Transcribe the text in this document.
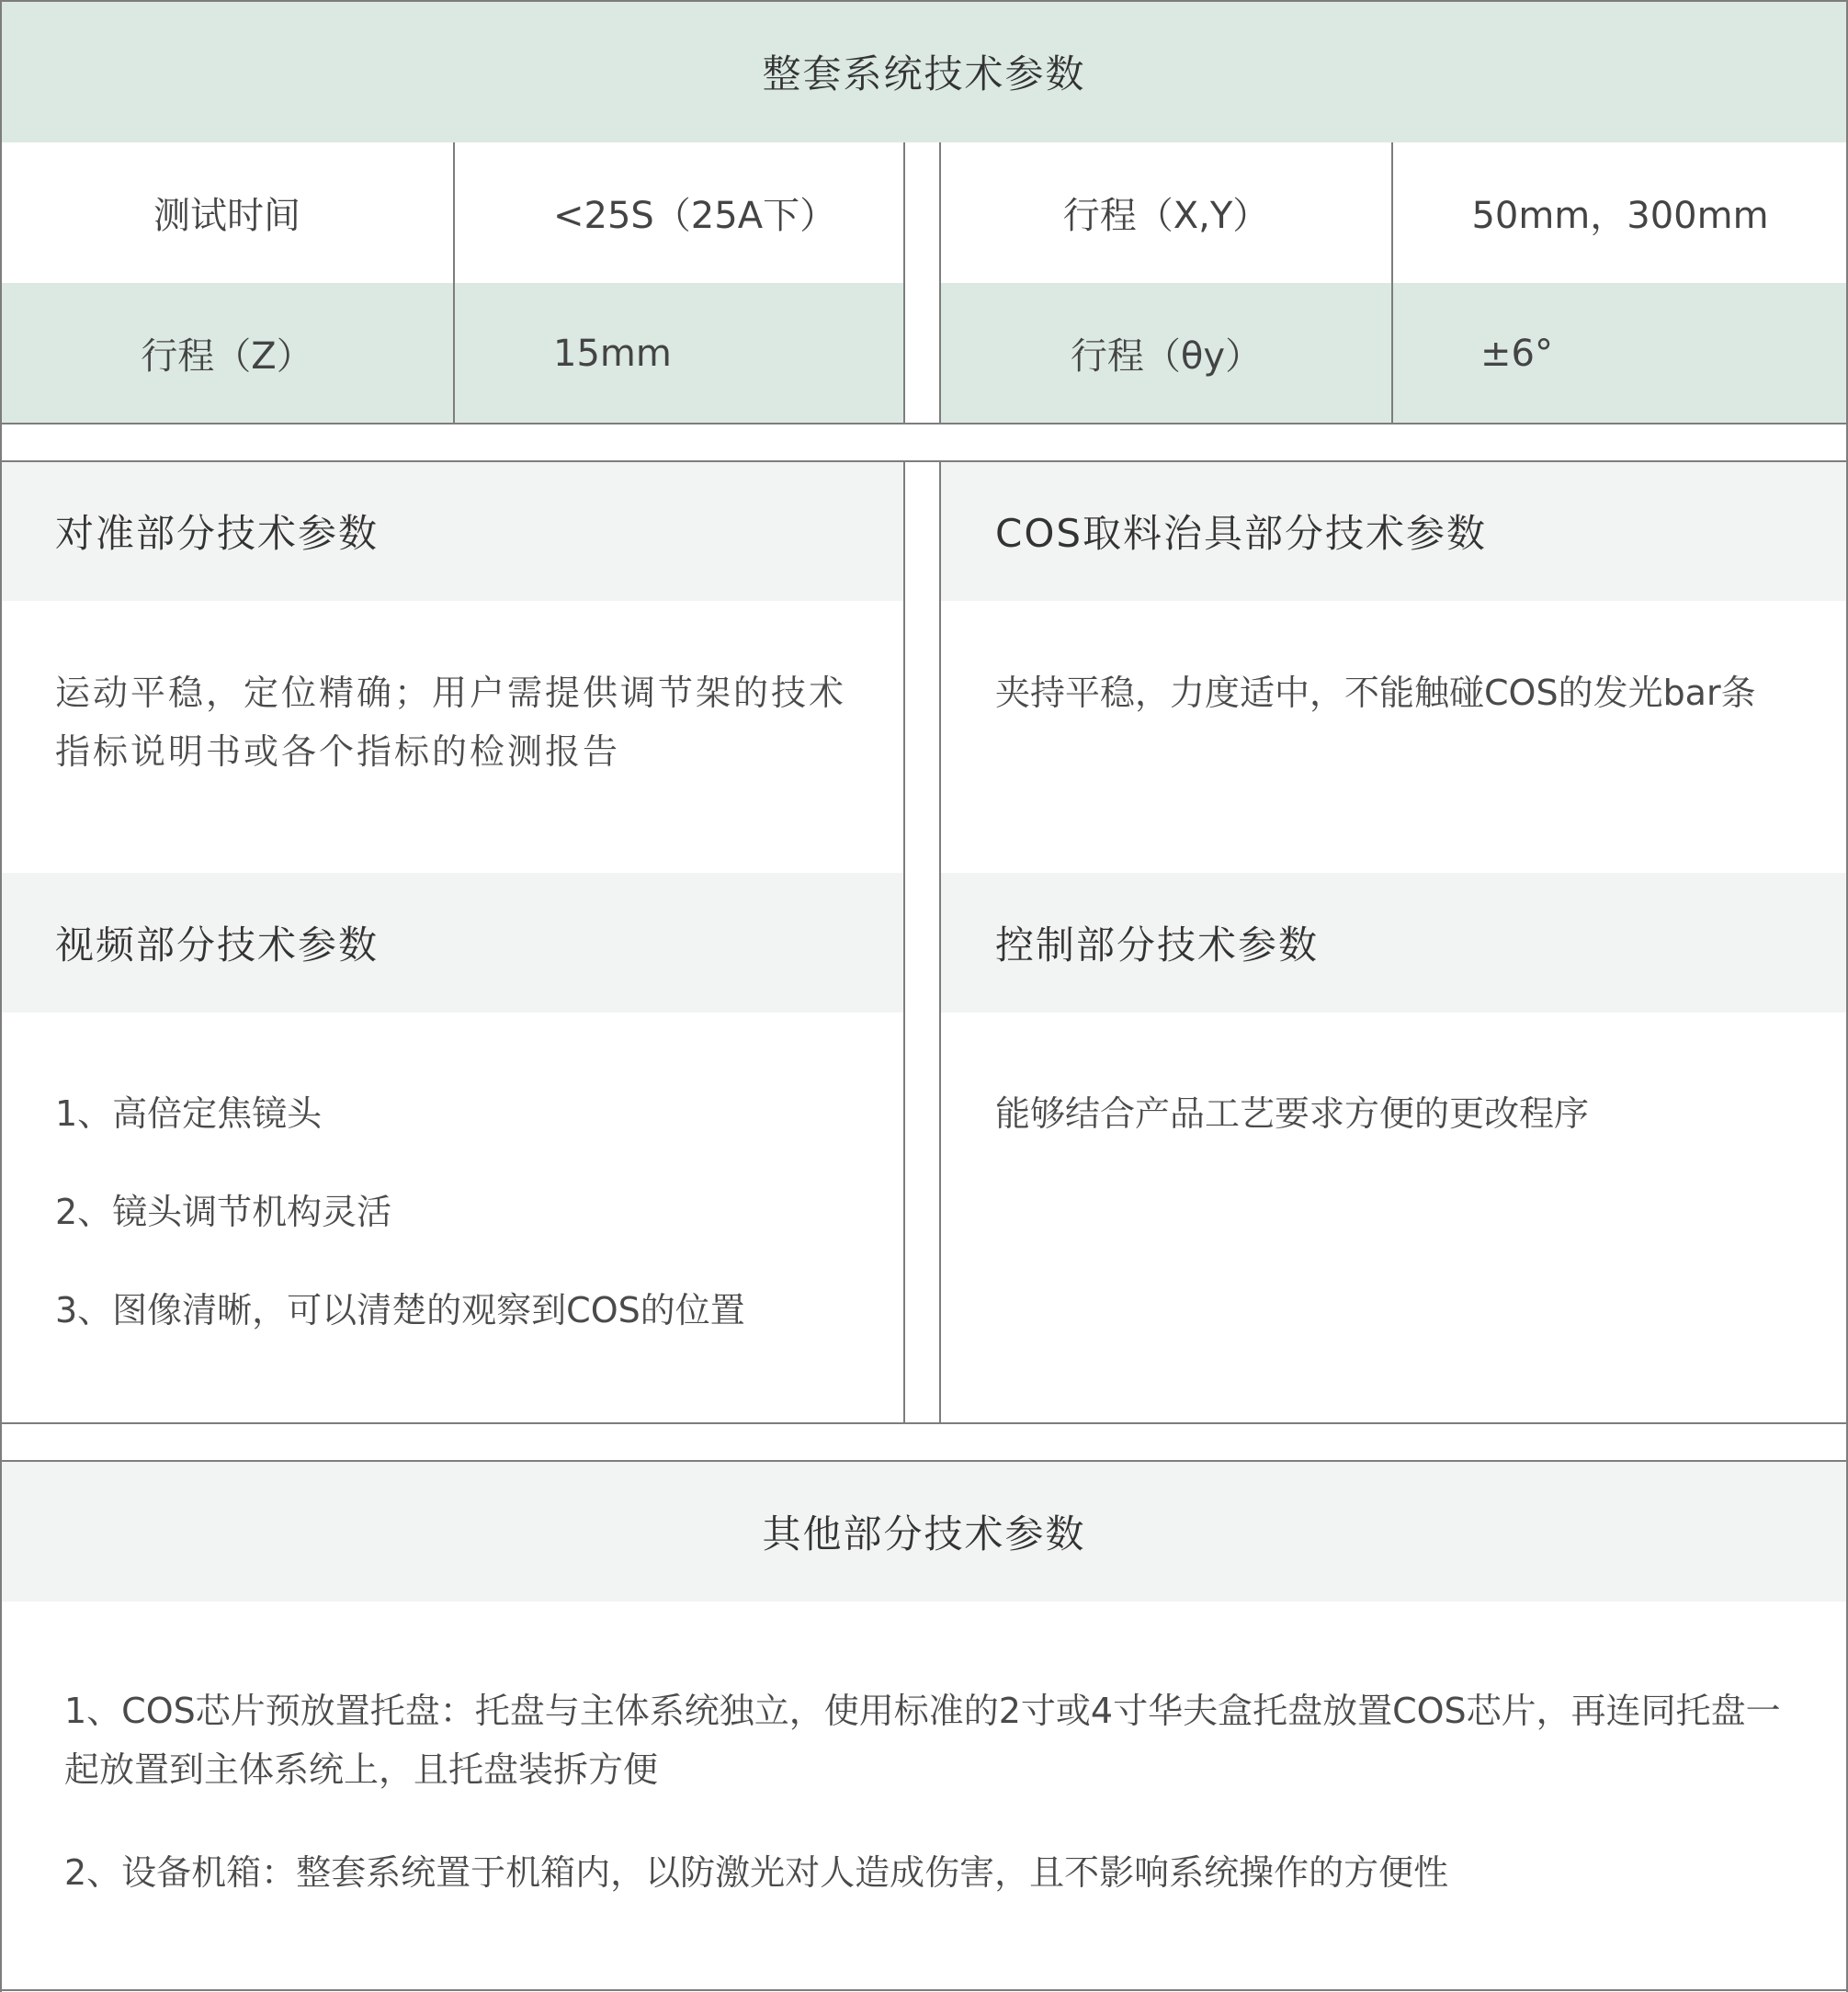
整套系统技术参数
测试时间	<25S（25A下）	行程（X,Y）	50mm，300mm
行程（Z）	15mm	行程（θy）	±6°
对准部分技术参数

运动平稳，定位精确；用户需提供调节架的技术指标说明书或各个指标的检测报告

COS取料治具部分技术参数

夹持平稳，力度适中，不能触碰COS的发光bar条

视频部分技术参数

1、高倍定焦镜头

2、镜头调节机构灵活

3、图像清晰，可以清楚的观察到COS的位置

控制部分技术参数

能够结合产品工艺要求方便的更改程序

其他部分技术参数

1、COS芯片预放置托盘：托盘与主体系统独立，使用标准的2寸或4寸华夫盒托盘放置COS芯片，再连同托盘一起放置到主体系统上，且托盘装拆方便

2、设备机箱：整套系统置于机箱内，以防激光对人造成伤害，且不影响系统操作的方便性
